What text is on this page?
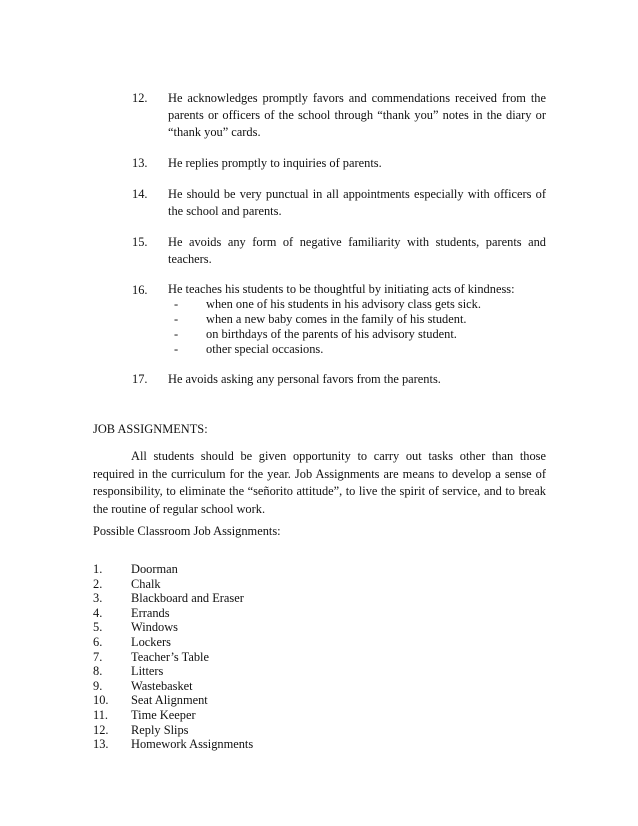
12.	He acknowledges promptly favors and commendations received from the parents or officers of the school through “thank you” notes in the diary or “thank you” cards.
13.	He replies promptly to inquiries of parents.
14.	He should be very punctual in all appointments especially with officers of the school and parents.
15.	He avoids any form of negative familiarity with students, parents and teachers.
16.	He teaches his students to be thoughtful by initiating acts of kindness:
-	when one of his students in his advisory class gets sick.
-	when a new baby comes in the family of his student.
-	on birthdays of the parents of his advisory student.
-	other special occasions.
17.	He avoids asking any personal favors from the parents.
JOB ASSIGNMENTS:
All students should be given opportunity to carry out tasks other than those required in the curriculum for the year. Job Assignments are means to develop a sense of responsibility, to eliminate the “señorito attitude”, to live the spirit of service, and to break the routine of regular school work.
Possible Classroom Job Assignments:
1.	Doorman
2.	Chalk
3.	Blackboard and Eraser
4.	Errands
5.	Windows
6.	Lockers
7.	Teacher’s Table
8.	Litters
9.	Wastebasket
10.	Seat Alignment
11.	Time Keeper
12.	Reply Slips
13.	Homework Assignments
